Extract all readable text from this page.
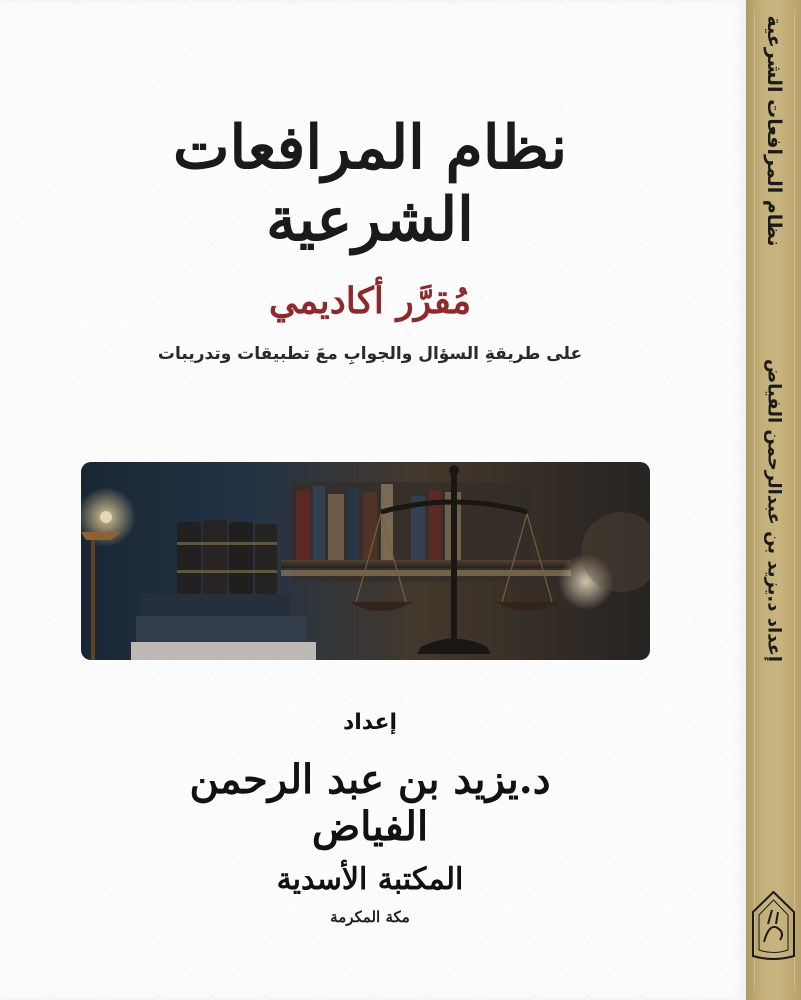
نظام المرافعات الشرعية
مُقرَّر أكاديمي
على طريقةِ السؤال والجوابِ معَ تطبيقات وتدريبات
إعداد
د.يزيد بن عبد الرحمن الفياض
المكتبة الأسدية
مكة المكرمة
نظام المرافعات الشرعية
إعداد د.يزيد بن عبدالرحمن الفياض
